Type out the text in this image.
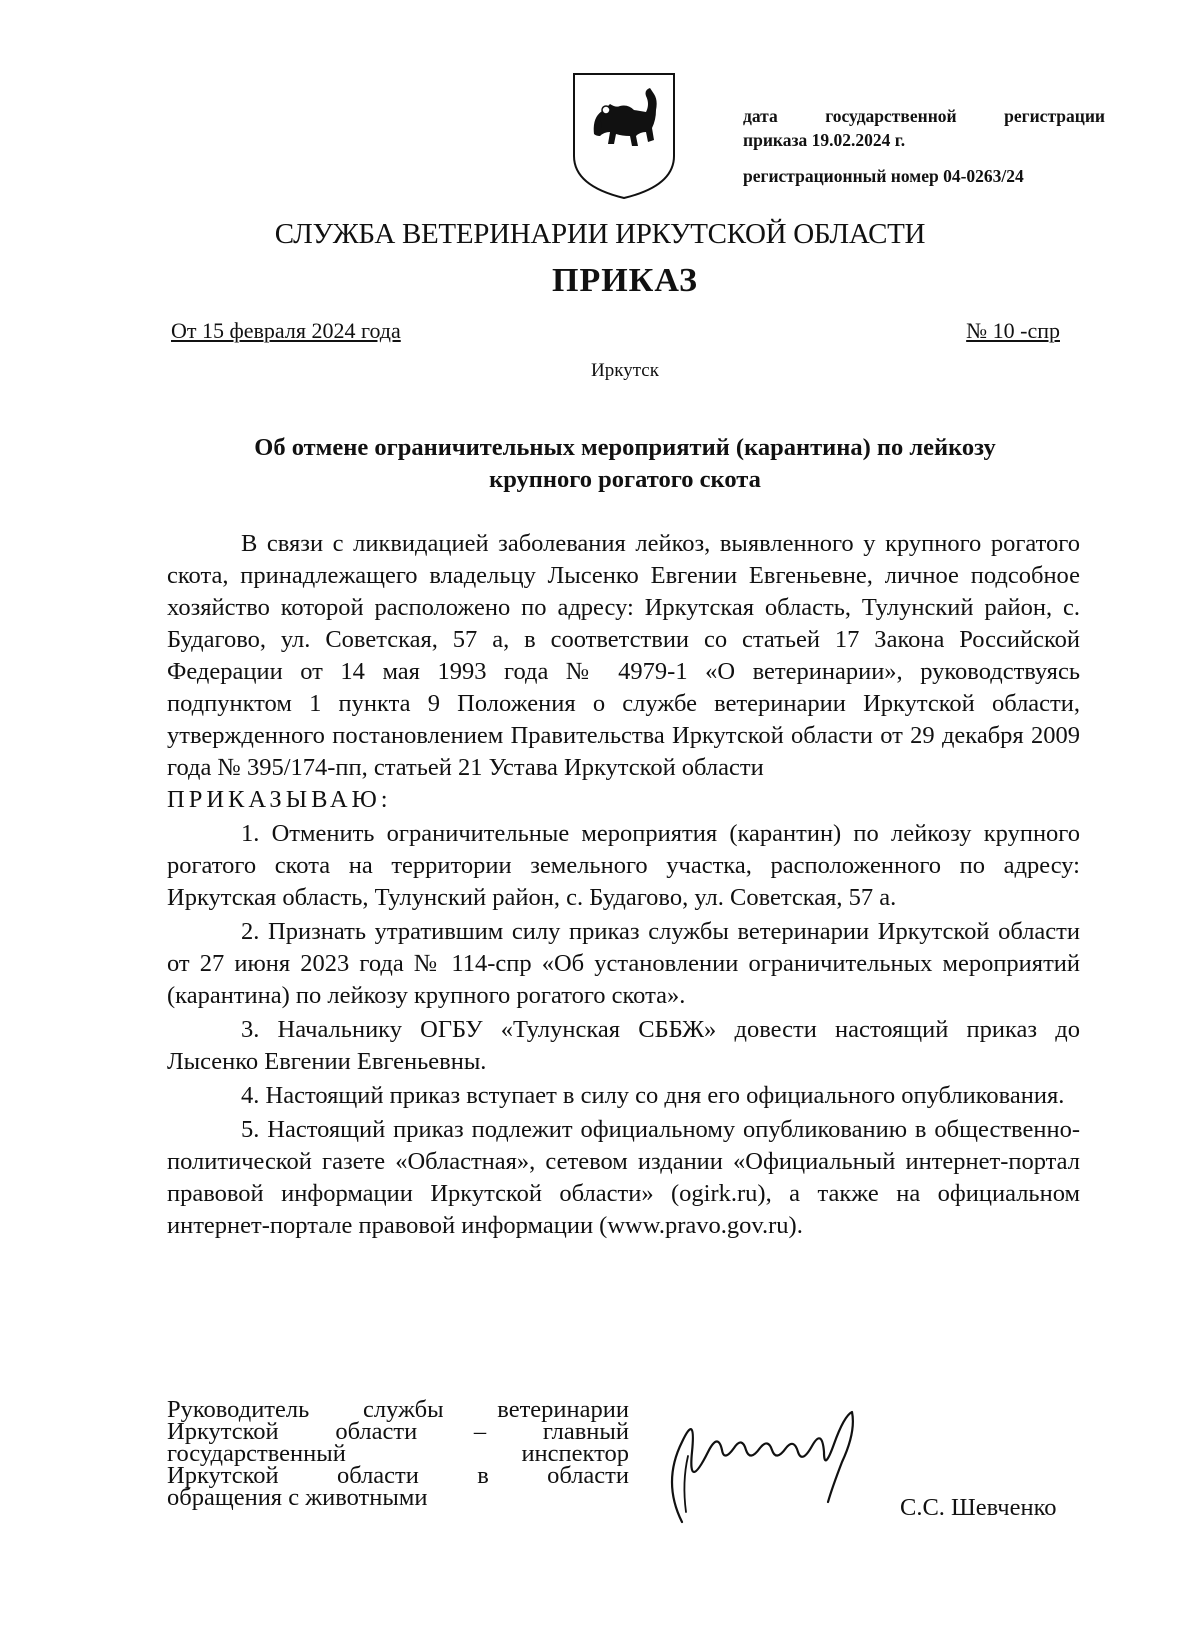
дата государственной регистрации
приказа 19.02.2024 г.
регистрационный номер 04-0263/24
СЛУЖБА ВЕТЕРИНАРИИ ИРКУТСКОЙ ОБЛАСТИ
ПРИКАЗ
От 15 февраля 2024 года	№ 10 -спр
Иркутск
Об отмене ограничительных мероприятий (карантина) по лейкозу
крупного рогатого скота

В связи с ликвидацией заболевания лейкоз, выявленного у крупного рогатого скота, принадлежащего владельцу Лысенко Евгении Евгеньевне, личное подсобное хозяйство которой расположено по адресу: Иркутская область, Тулунский район, с. Будагово, ул. Советская, 57 а, в соответствии со статьей 17 Закона Российской Федерации от 14 мая 1993 года № 4979-1 «О ветеринарии», руководствуясь подпунктом 1 пункта 9 Положения о службе ветеринарии Иркутской области, утвержденного постановлением Правительства Иркутской области от 29 декабря 2009 года № 395/174-пп, статьей 21 Устава Иркутской области

ПРИКАЗЫВАЮ:

1. Отменить ограничительные мероприятия (карантин) по лейкозу крупного рогатого скота на территории земельного участка, расположенного по адресу: Иркутская область, Тулунский район, с. Будагово, ул. Советская, 57 а.

2. Признать утратившим силу приказ службы ветеринарии Иркутской области от 27 июня 2023 года № 114-спр «Об установлении ограничительных мероприятий (карантина) по лейкозу крупного рогатого скота».

3. Начальнику ОГБУ «Тулунская СББЖ» довести настоящий приказ до Лысенко Евгении Евгеньевны.

4. Настоящий приказ вступает в силу со дня его официального опубликования.

5. Настоящий приказ подлежит официальному опубликованию в общественно-политической газете «Областная», сетевом издании «Официальный интернет-портал правовой информации Иркутской области» (ogirk.ru), а также на официальном интернет-портале правовой информации (www.pravo.gov.ru).

Руководитель службы ветеринарии
Иркутской области – главный
государственный инспектор
Иркутской области в области
обращения с животными	С.С. Шевченко
